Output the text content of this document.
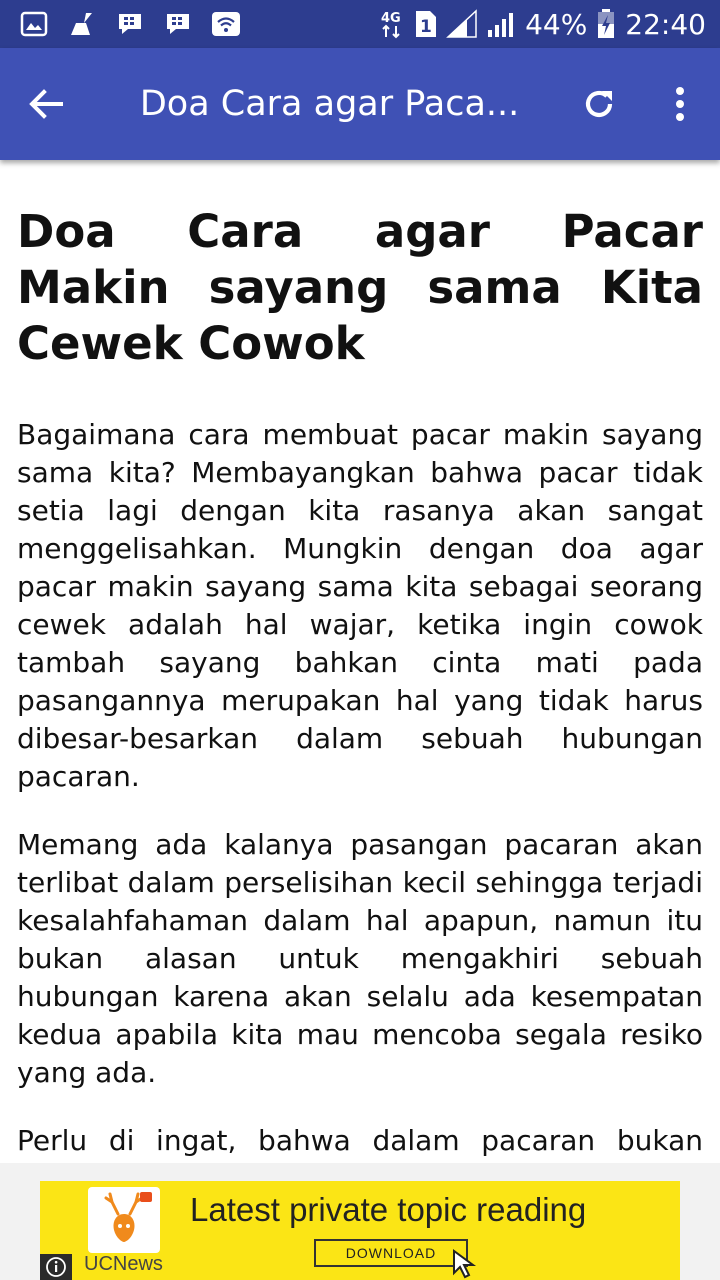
4G 1	44% 22:40
Doa Cara agar Paca...
Doa Cara agar Pacar Makin sayang sama Kita Cewek Cowok

Bagaimana cara membuat pacar makin sayang sama kita? Membayangkan bahwa pacar tidak setia lagi dengan kita rasanya akan sangat menggelisahkan. Mungkin dengan doa agar pacar makin sayang sama kita sebagai seorang cewek adalah hal wajar, ketika ingin cowok tambah sayang bahkan cinta mati pada pasangannya merupakan hal yang tidak harus dibesar-besarkan dalam sebuah hubungan pacaran.

Memang ada kalanya pasangan pacaran akan terlibat dalam perselisihan kecil sehingga terjadi kesalahfahaman dalam hal apapun, namun itu bukan alasan untuk mengakhiri sebuah hubungan karena akan selalu ada kesempatan kedua apabila kita mau mencoba segala resiko yang ada.

Perlu di ingat, bahwa dalam pacaran bukan

UCNews
Latest private topic reading
DOWNLOAD
